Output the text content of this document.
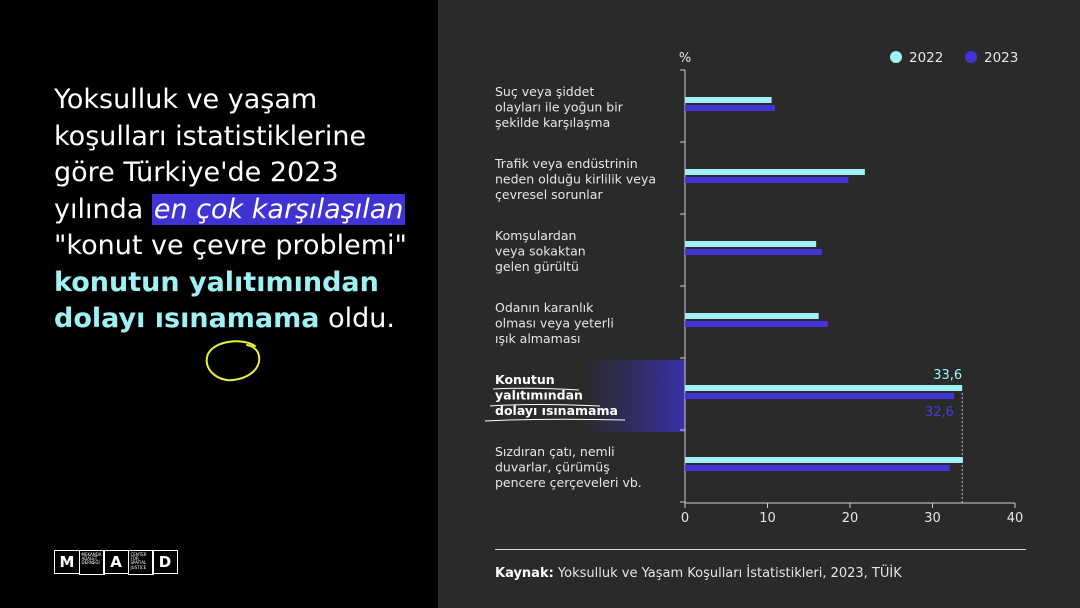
Yoksulluk ve yaşam koşulları istatistiklerine göre Türkiye'de 2023 yılında en çok karşılaşılan "konut ve çevre problemi" konutun yalıtımından dolayı ısınamama oldu.

M	MEKANDA ADALET DERNEĞİ A	CENTER FOR SPATIAL JUSTICE D
%
0	10	20	30	40
2022	2023
Suç veya şiddet
olayları ile yoğun bir
şekilde karşılaşma
Trafik veya endüstrinin
neden olduğu kirlilik veya
çevresel sorunlar
Komşulardan
veya sokaktan
gelen gürültü
Odanın karanlık
olması veya yeterli
ışık almaması
Konutun
yalıtımından
dolayı ısınamama
Sızdıran çatı, nemli
duvarlar, çürümüş
pencere çerçeveleri vb.
33,6
32,6

Kaynak: Yoksulluk ve Yaşam Koşulları İstatistikleri, 2023, TÜİK
